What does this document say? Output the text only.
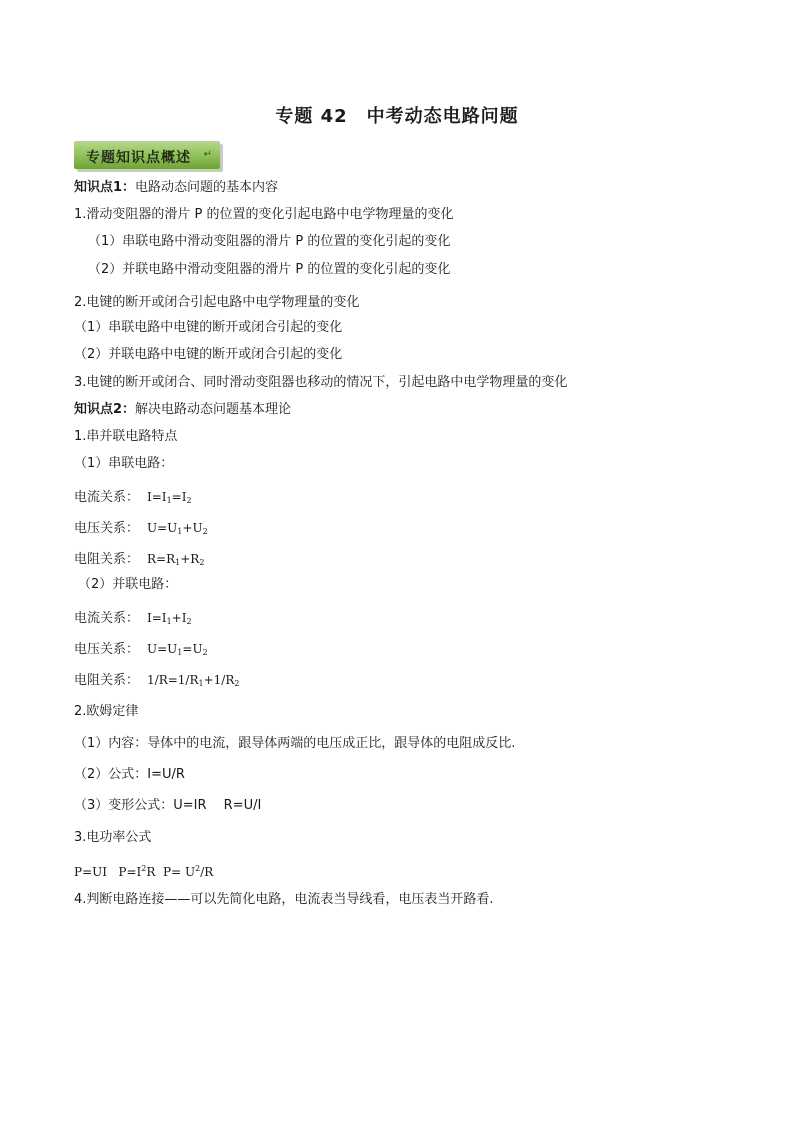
专题 42　中考动态电路问题
专题知识点概述 ↵
知识点1：电路动态问题的基本内容
1.滑动变阻器的滑片 P 的位置的变化引起电路中电学物理量的变化
（1）串联电路中滑动变阻器的滑片 P 的位置的变化引起的变化
（2）并联电路中滑动变阻器的滑片 P 的位置的变化引起的变化
2.电键的断开或闭合引起电路中电学物理量的变化
（1）串联电路中电键的断开或闭合引起的变化
（2）并联电路中电键的断开或闭合引起的变化
3.电键的断开或闭合、同时滑动变阻器也移动的情况下，引起电路中电学物理量的变化
知识点2：解决电路动态问题基本理论
1.串并联电路特点
（1）串联电路：
电流关系： $I=I_1=I_2$
电压关系： $U=U_1+U_2$
电阻关系： $R=R_1+R_2$
（2）并联电路：
电流关系： $I=I_1+I_2$
电压关系： $U=U_1=U_2$
电阻关系： $1/R=1/R_1+1/R_2$
2.欧姆定律
（1）内容：导体中的电流，跟导体两端的电压成正比，跟导体的电阻成反比.
（2）公式：I=U/R
（3）变形公式：U=IR　 R=U/I
3.电功率公式
P=UI   $P=I^2R$  $P= U^2/R$
4.判断电路连接——可以先简化电路，电流表当导线看，电压表当开路看.
